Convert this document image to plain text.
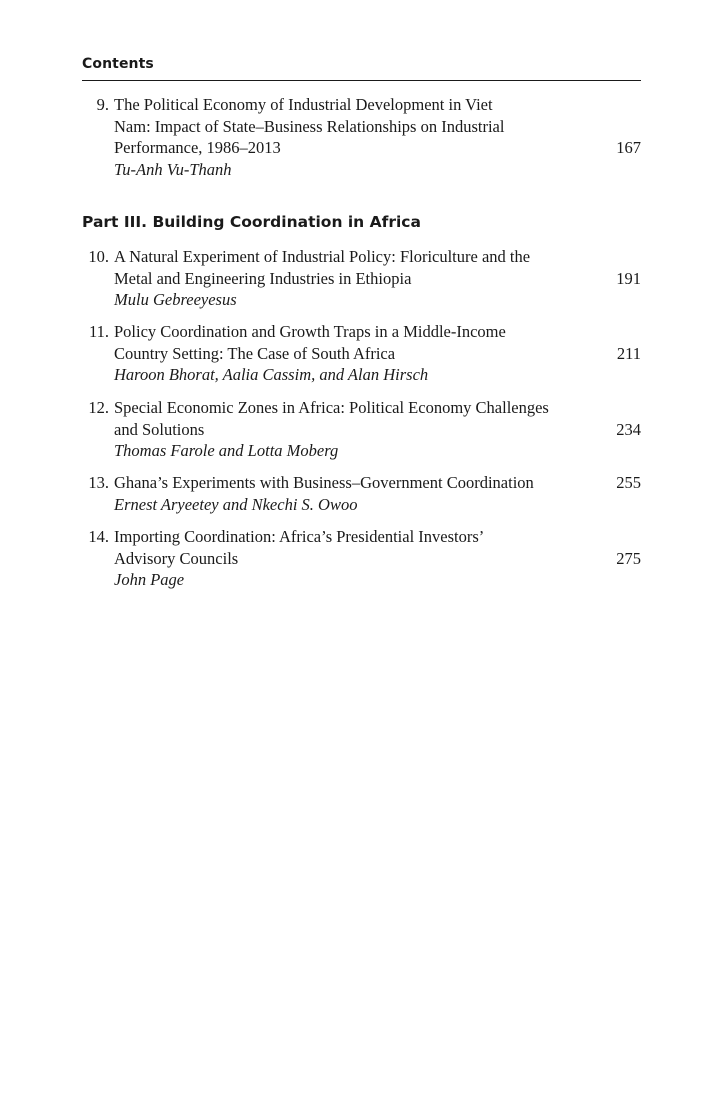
Contents
9. The Political Economy of Industrial Development in Viet
Nam: Impact of State–Business Relationships on Industrial
Performance, 1986–2013
Tu-Anh Vu-Thanh
167
Part III. Building Coordination in Africa
10. A Natural Experiment of Industrial Policy: Floriculture and the
Metal and Engineering Industries in Ethiopia
Mulu Gebreeyesus
191
11. Policy Coordination and Growth Traps in a Middle-Income
Country Setting: The Case of South Africa
Haroon Bhorat, Aalia Cassim, and Alan Hirsch
211
12. Special Economic Zones in Africa: Political Economy Challenges
and Solutions
Thomas Farole and Lotta Moberg
234
13. Ghana’s Experiments with Business–Government Coordination
Ernest Aryeetey and Nkechi S. Owoo
255
14. Importing Coordination: Africa’s Presidential Investors’
Advisory Councils
John Page
275
